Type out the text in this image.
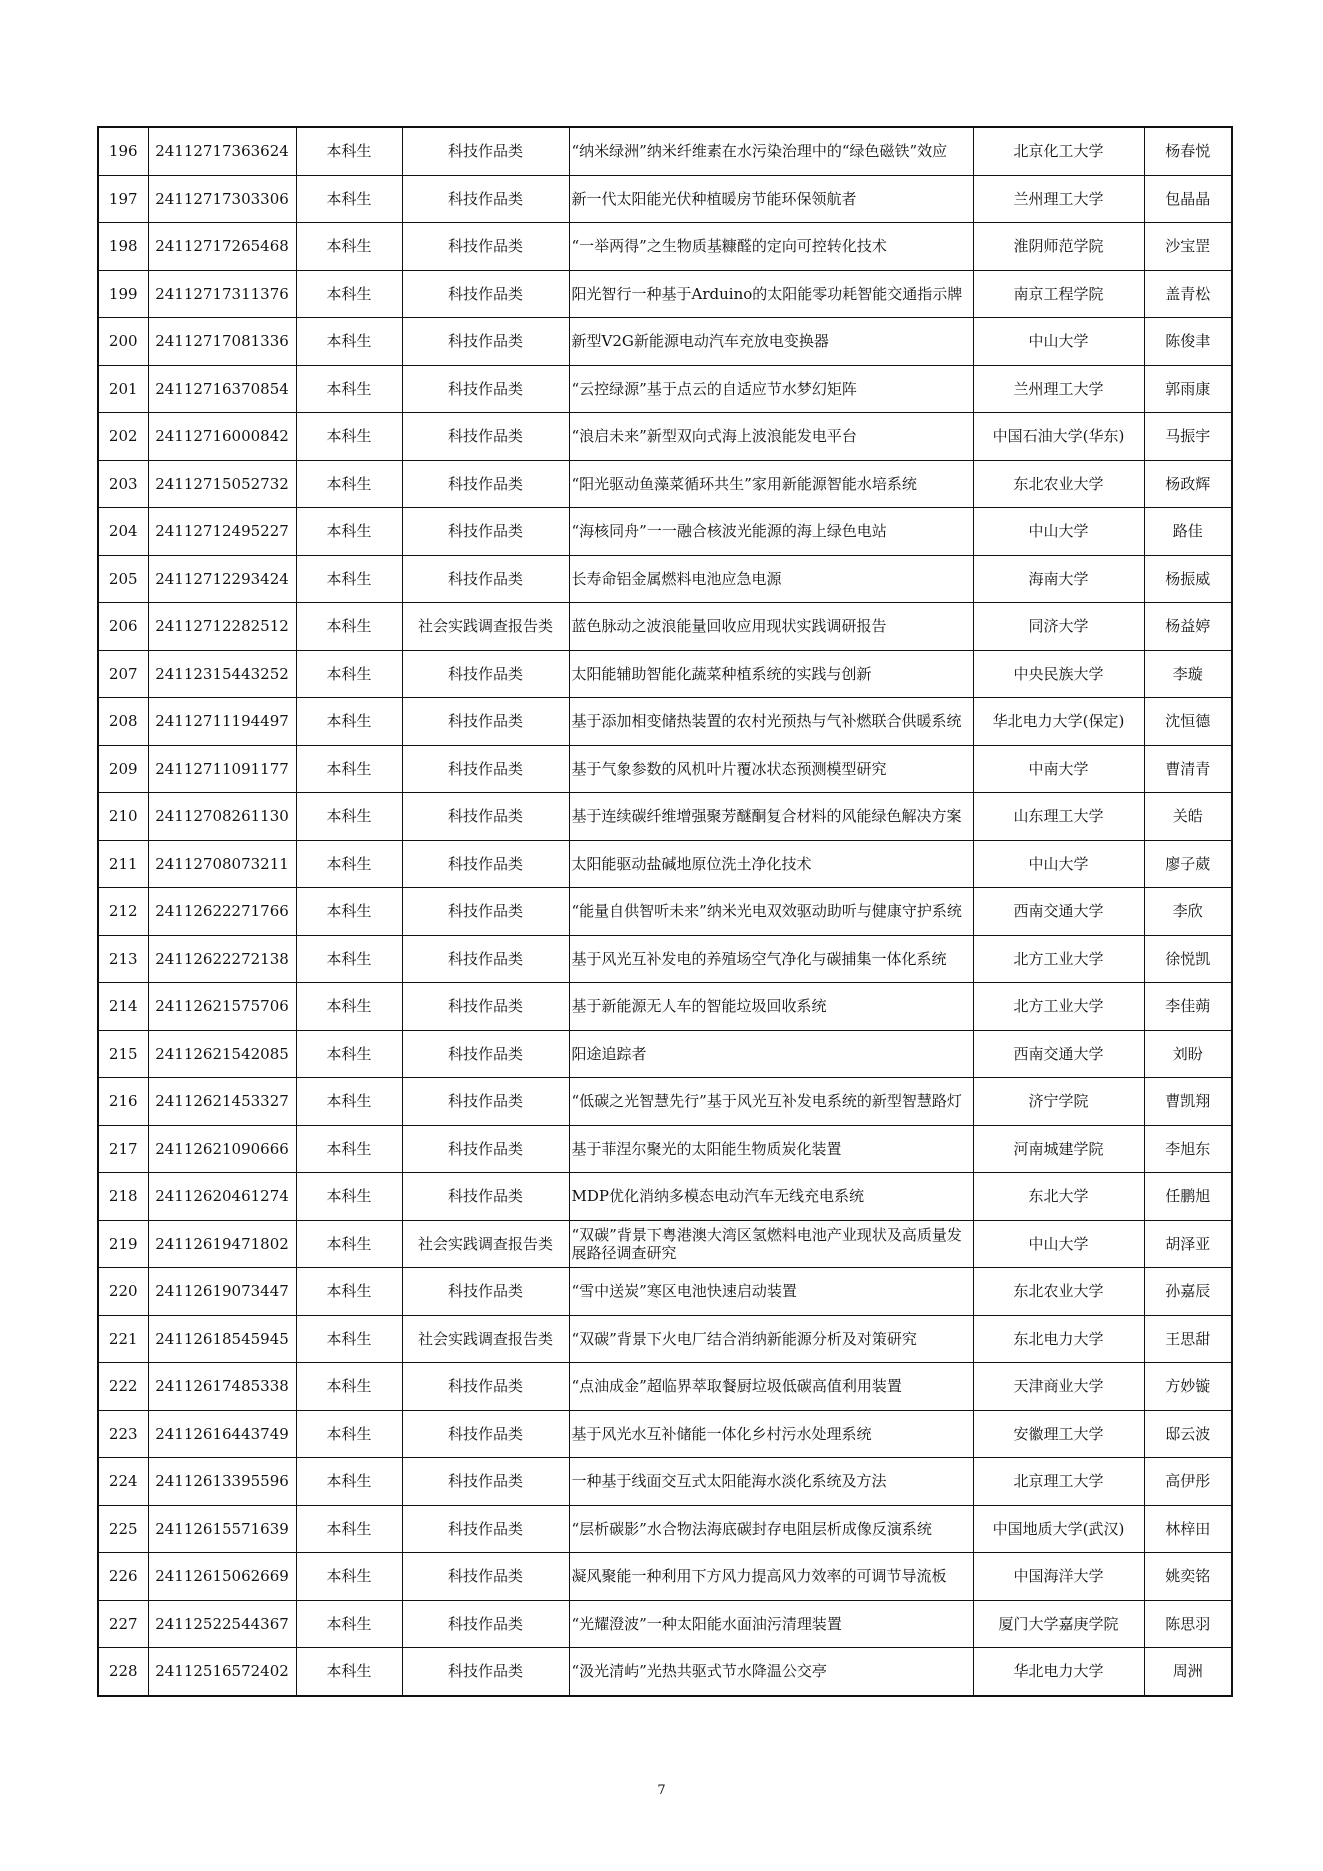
196	24112717363624	本科生	科技作品类	“纳米绿洲”纳米纤维素在水污染治理中的“绿色磁铁”效应	北京化工大学	杨春悦
197	24112717303306	本科生	科技作品类	新一代太阳能光伏种植暖房节能环保领航者	兰州理工大学	包晶晶
198	24112717265468	本科生	科技作品类	“一举两得”之生物质基糠醛的定向可控转化技术	淮阴师范学院	沙宝罡
199	24112717311376	本科生	科技作品类	阳光智行一种基于Arduino的太阳能零功耗智能交通指示牌	南京工程学院	盖青松
200	24112717081336	本科生	科技作品类	新型V2G新能源电动汽车充放电变换器	中山大学	陈俊聿
201	24112716370854	本科生	科技作品类	“云控绿源”基于点云的自适应节水梦幻矩阵	兰州理工大学	郭雨康
202	24112716000842	本科生	科技作品类	“浪启未来”新型双向式海上波浪能发电平台	中国石油大学(华东)	马振宇
203	24112715052732	本科生	科技作品类	“阳光驱动鱼藻菜循环共生”家用新能源智能水培系统	东北农业大学	杨政辉
204	24112712495227	本科生	科技作品类	“海核同舟”一一融合核波光能源的海上绿色电站	中山大学	路佳
205	24112712293424	本科生	科技作品类	长寿命铝金属燃料电池应急电源	海南大学	杨振威
206	24112712282512	本科生	社会实践调查报告类	蓝色脉动之波浪能量回收应用现状实践调研报告	同济大学	杨益婷
207	24112315443252	本科生	科技作品类	太阳能辅助智能化蔬菜种植系统的实践与创新	中央民族大学	李璇
208	24112711194497	本科生	科技作品类	基于添加相变储热装置的农村光预热与气补燃联合供暖系统	华北电力大学(保定)	沈恒德
209	24112711091177	本科生	科技作品类	基于气象参数的风机叶片覆冰状态预测模型研究	中南大学	曹清青
210	24112708261130	本科生	科技作品类	基于连续碳纤维增强聚芳醚酮复合材料的风能绿色解决方案	山东理工大学	关皓
211	24112708073211	本科生	科技作品类	太阳能驱动盐碱地原位洗土净化技术	中山大学	廖子葳
212	24112622271766	本科生	科技作品类	“能量自供智听未来”纳米光电双效驱动助听与健康守护系统	西南交通大学	李欣
213	24112622272138	本科生	科技作品类	基于风光互补发电的养殖场空气净化与碳捕集一体化系统	北方工业大学	徐悦凯
214	24112621575706	本科生	科技作品类	基于新能源无人车的智能垃圾回收系统	北方工业大学	李佳蒴
215	24112621542085	本科生	科技作品类	阳途追踪者	西南交通大学	刘盼
216	24112621453327	本科生	科技作品类	“低碳之光智慧先行”基于风光互补发电系统的新型智慧路灯	济宁学院	曹凯翔
217	24112621090666	本科生	科技作品类	基于菲涅尔聚光的太阳能生物质炭化装置	河南城建学院	李旭东
218	24112620461274	本科生	科技作品类	MDP优化消纳多模态电动汽车无线充电系统	东北大学	任鹏旭
219	24112619471802	本科生	社会实践调查报告类	“双碳”背景下粤港澳大湾区氢燃料电池产业现状及高质量发展路径调查研究	中山大学	胡泽亚
220	24112619073447	本科生	科技作品类	“雪中送炭”寒区电池快速启动装置	东北农业大学	孙嘉辰
221	24112618545945	本科生	社会实践调查报告类	“双碳”背景下火电厂结合消纳新能源分析及对策研究	东北电力大学	王思甜
222	24112617485338	本科生	科技作品类	“点油成金”超临界萃取餐厨垃圾低碳高值利用装置	天津商业大学	方妙镟
223	24112616443749	本科生	科技作品类	基于风光水互补储能一体化乡村污水处理系统	安徽理工大学	邸云波
224	24112613395596	本科生	科技作品类	一种基于线面交互式太阳能海水淡化系统及方法	北京理工大学	高伊彤
225	24112615571639	本科生	科技作品类	“层析碳影”水合物法海底碳封存电阻层析成像反演系统	中国地质大学(武汉)	林梓田
226	24112615062669	本科生	科技作品类	凝风聚能一种利用下方风力提高风力效率的可调节导流板	中国海洋大学	姚奕铭
227	24112522544367	本科生	科技作品类	“光耀澄波”一种太阳能水面油污清理装置	厦门大学嘉庚学院	陈思羽
228	24112516572402	本科生	科技作品类	“汲光清屿”光热共驱式节水降温公交亭	华北电力大学	周洲
7
